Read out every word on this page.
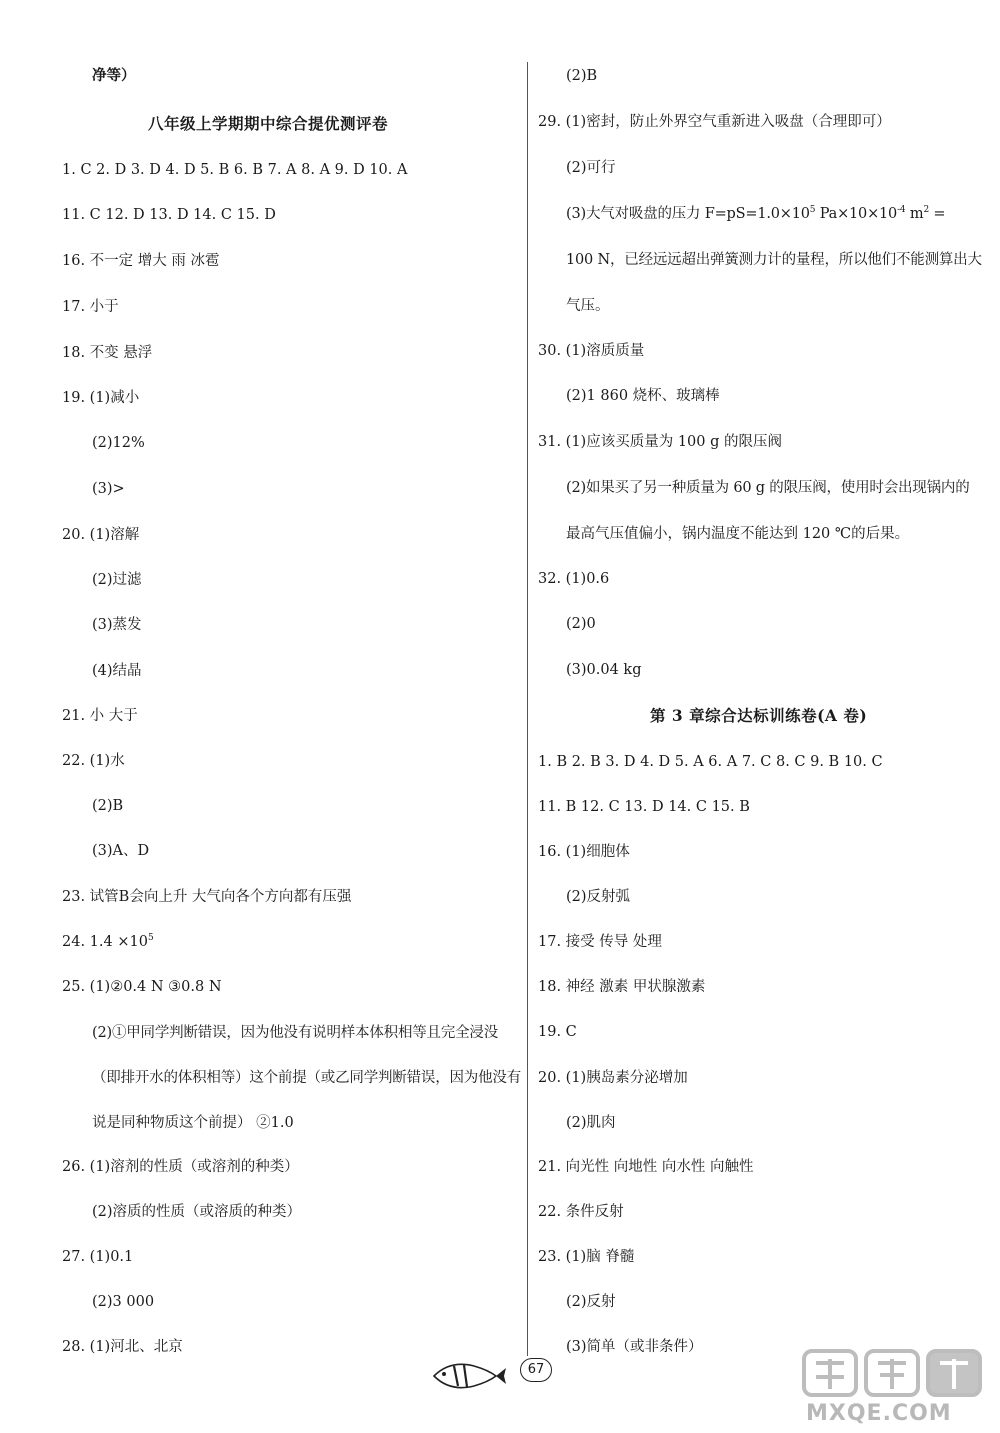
净等）
八年级上学期期中综合提优测评卷
1. C 2. D 3. D 4. D 5. B 6. B 7. A 8. A 9. D 10. A
11. C 12. D 13. D 14. C 15. D
16. 不一定 增大 雨 冰雹
17. 小于
18. 不变 悬浮
19. (1)减小
(2)12%
(3)>
20. (1)溶解
(2)过滤
(3)蒸发
(4)结晶
21. 小 大于
22. (1)水
(2)B
(3)A、D
23. 试管B会向上升 大气向各个方向都有压强
24. $1.4 \times 10^5$
25. (1)②0.4 N ③0.8 N
(2)①甲同学判断错误，因为他没有说明样本体积相等且完全浸没
（即排开水的体积相等）这个前提（或乙同学判断错误，因为他没有
说是同种物质这个前提） ②1.0
26. (1)溶剂的性质（或溶剂的种类）
(2)溶质的性质（或溶质的种类）
27. (1)0.1
(2)3 000
28. (1)河北、北京
(2)B
29. (1)密封，防止外界空气重新进入吸盘（合理即可）
(2)可行
(3)大气对吸盘的压力 $F=pS=1.0\times 10^5$ $Pa\times 10\times 10^{-4}$ $m^2$ =
100 N，已经远远超出弹簧测力计的量程，所以他们不能测算出大
气压。
30. (1)溶质质量
(2)1 860 烧杯、玻璃棒
31. (1)应该买质量为 100 g 的限压阀
(2)如果买了另一种质量为 60 g 的限压阀，使用时会出现锅内的
最高气压值偏小，锅内温度不能达到 120 ℃的后果。
32. (1)0.6
(2)0
(3)0.04 kg
第 3 章综合达标训练卷(A 卷)
1. B 2. B 3. D 4. D 5. A 6. A 7. C 8. C 9. B 10. C
11. B 12. C 13. D 14. C 15. B
16. (1)细胞体
(2)反射弧
17. 接受 传导 处理
18. 神经 激素 甲状腺激素
19. C
20. (1)胰岛素分泌增加
(2)肌肉
21. 向光性 向地性 向水性 向触性
22. 条件反射
23. (1)脑 脊髓
(2)反射
(3)简单（或非条件）
67
MXQE.COM
